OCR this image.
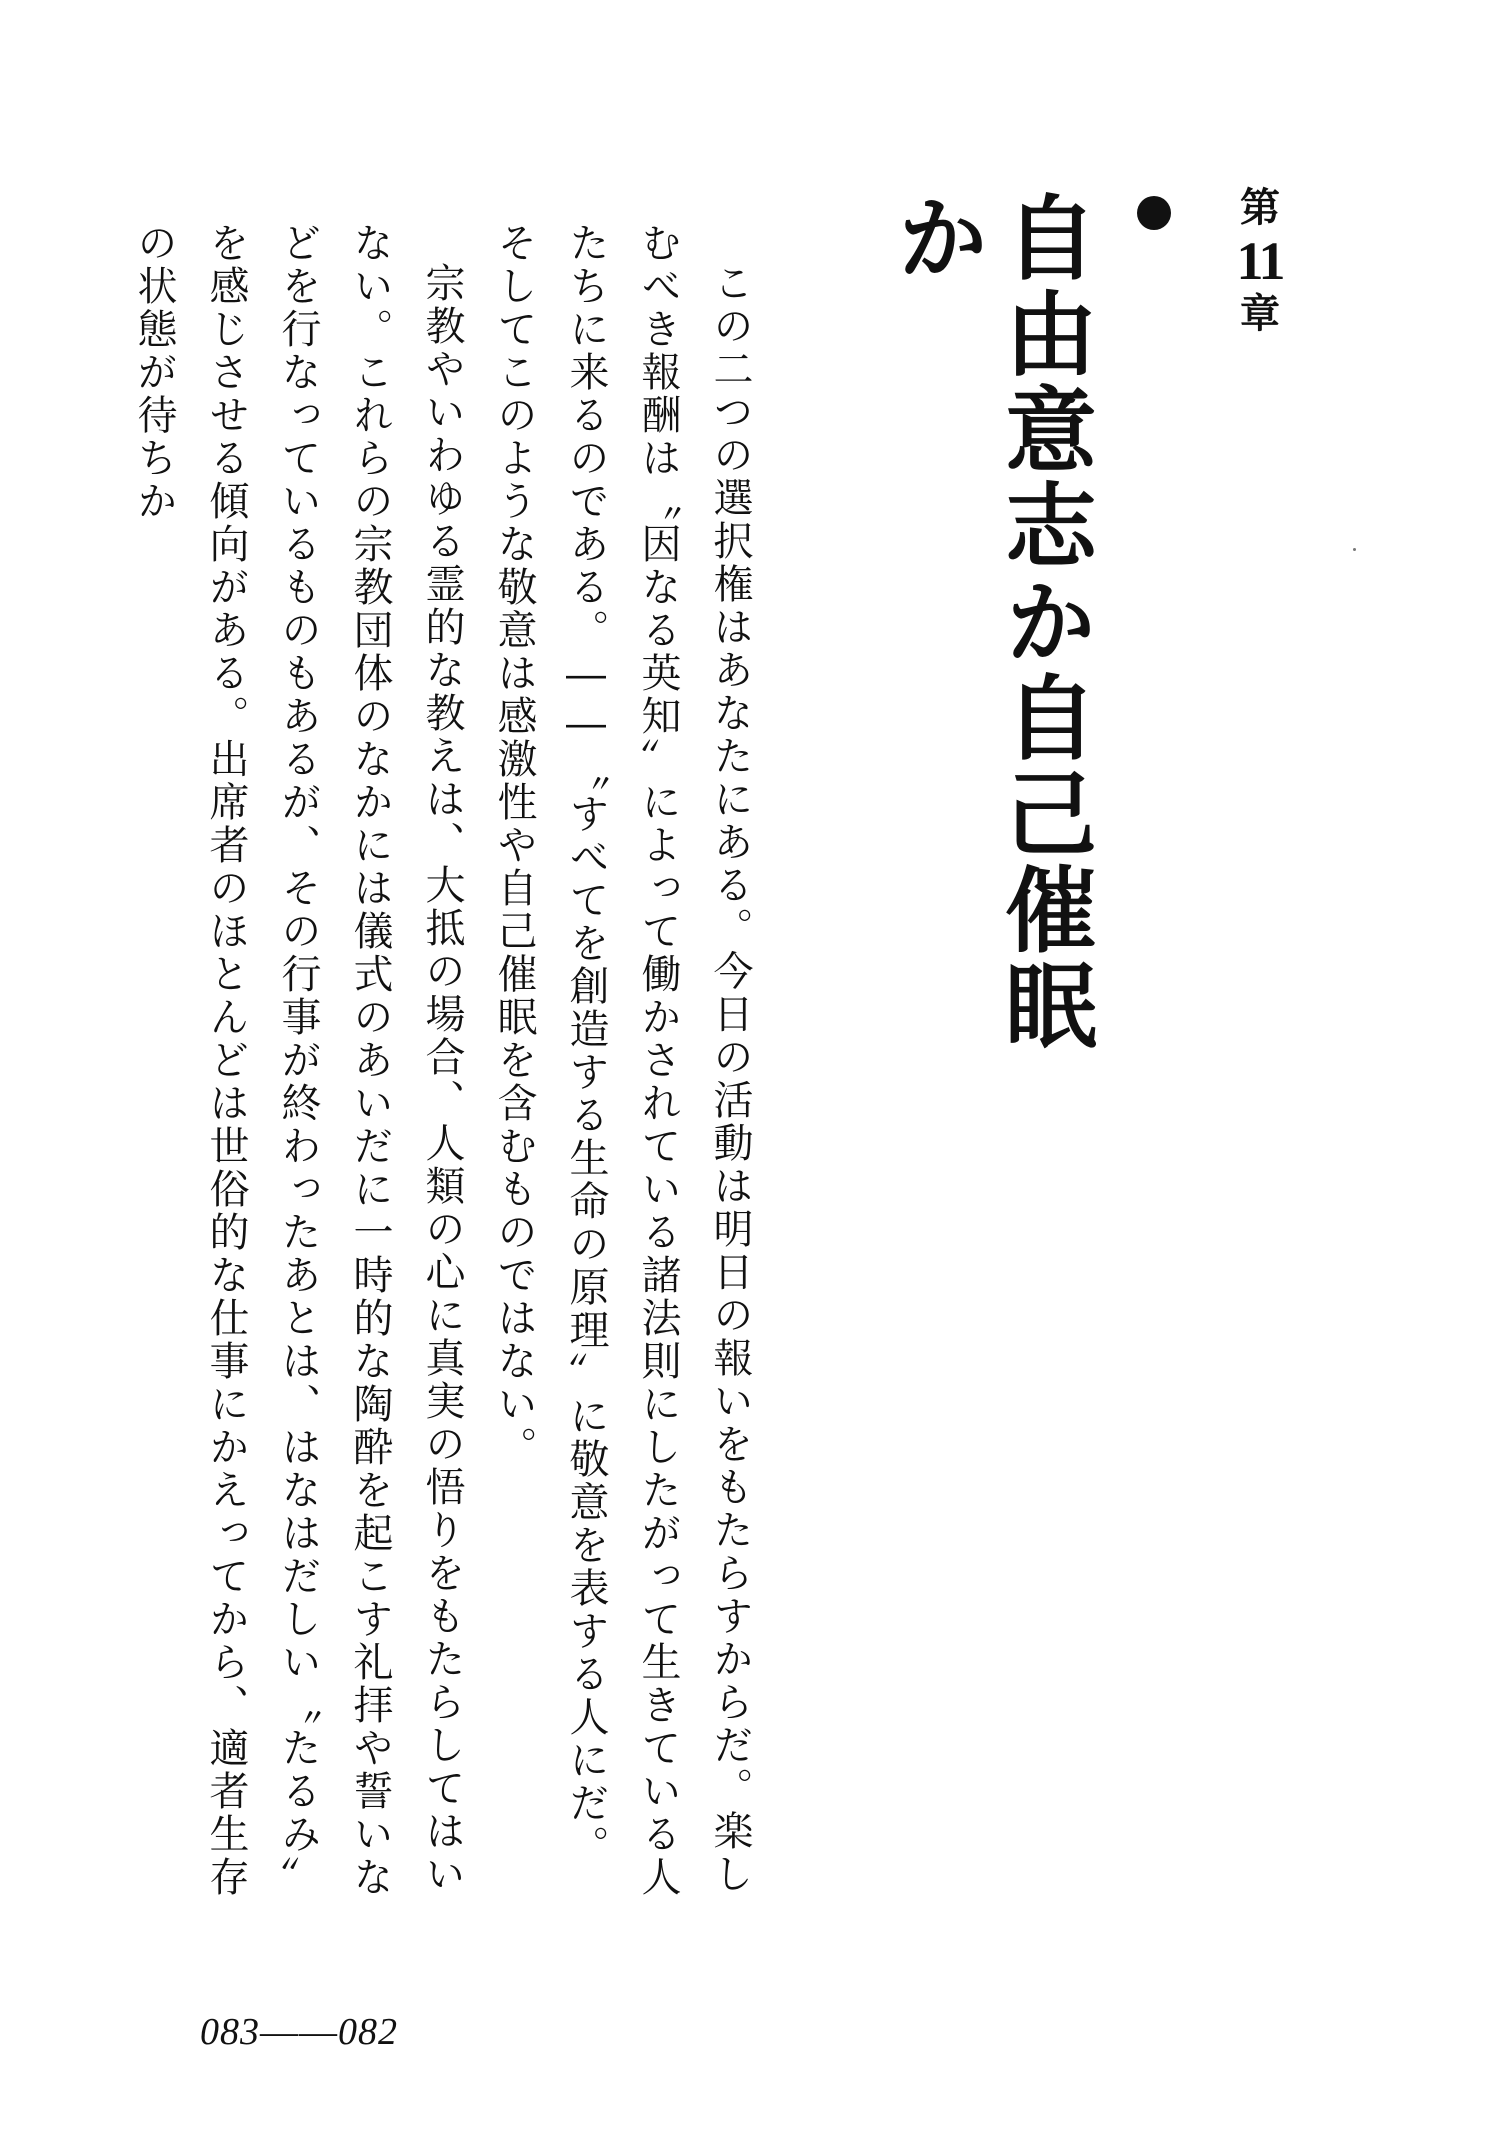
第
11
章
自由意志か自己催眠か

この二つの選択権はあなたにある。今日の活動は明日の報いをもたらすからだ。楽しむべき報酬は〝因なる英知〟によって働かされている諸法則にしたがって生きている人たちに来るのである。――〝すべてを創造する生命の原理〟に敬意を表する人にだ。そしてこのような敬意は感激性や自己催眠を含むものではない。

宗教やいわゆる霊的な教えは、大抵の場合、人類の心に真実の悟りをもたらしてはいない。これらの宗教団体のなかには儀式のあいだに一時的な陶酔を起こす礼拝や誓いなどを行なっているものもあるが、その行事が終わったあとは、はなはだしい〝たるみ〟を感じさせる傾向がある。出席者のほとんどは世俗的な仕事にかえってから、適者生存の状態が待ちか

083――082
